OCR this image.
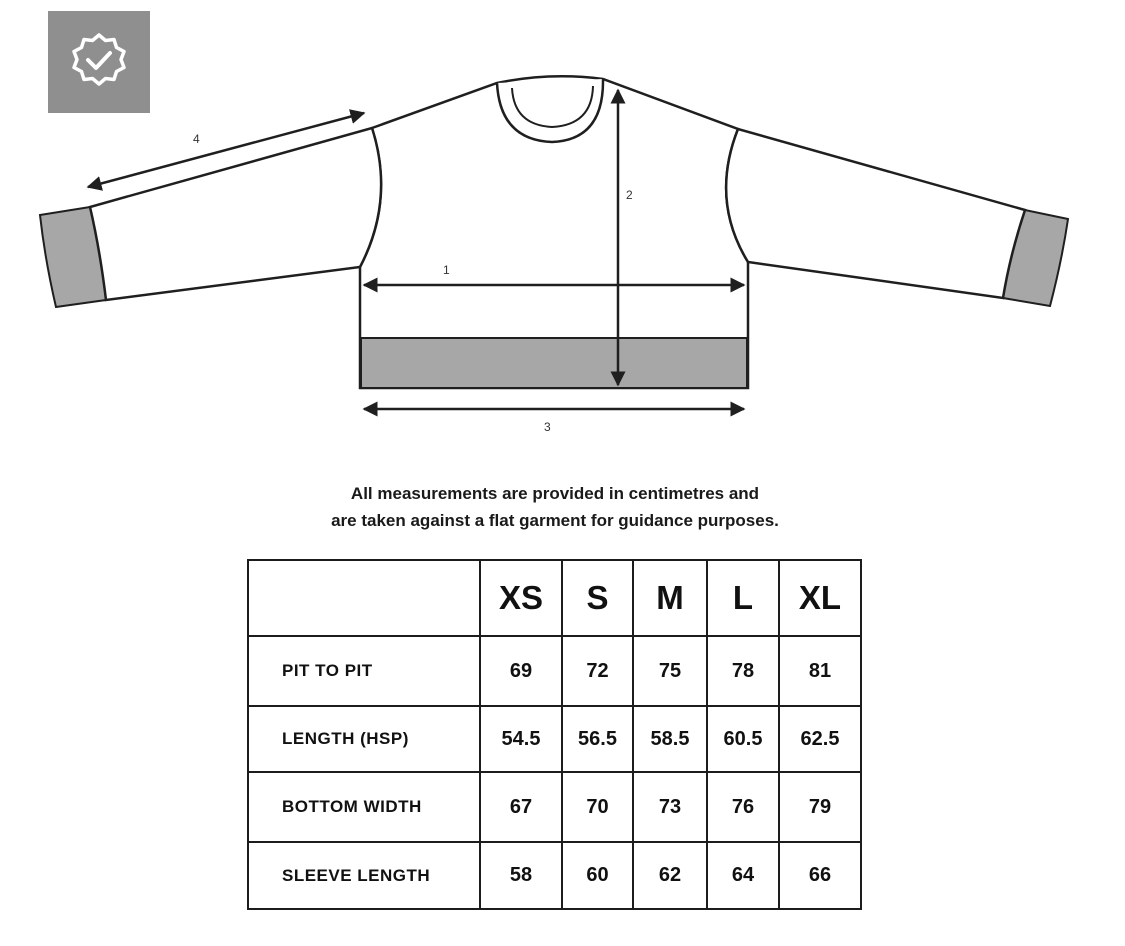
1
2
3
4
All measurements are provided in centimetres and
are taken against a flat garment for guidance purposes.
	XS	S	M	L	XL
PIT TO PIT	69	72	75	78	81
LENGTH (HSP)	54.5	56.5	58.5	60.5	62.5
BOTTOM WIDTH	67	70	73	76	79
SLEEVE LENGTH	58	60	62	64	66
